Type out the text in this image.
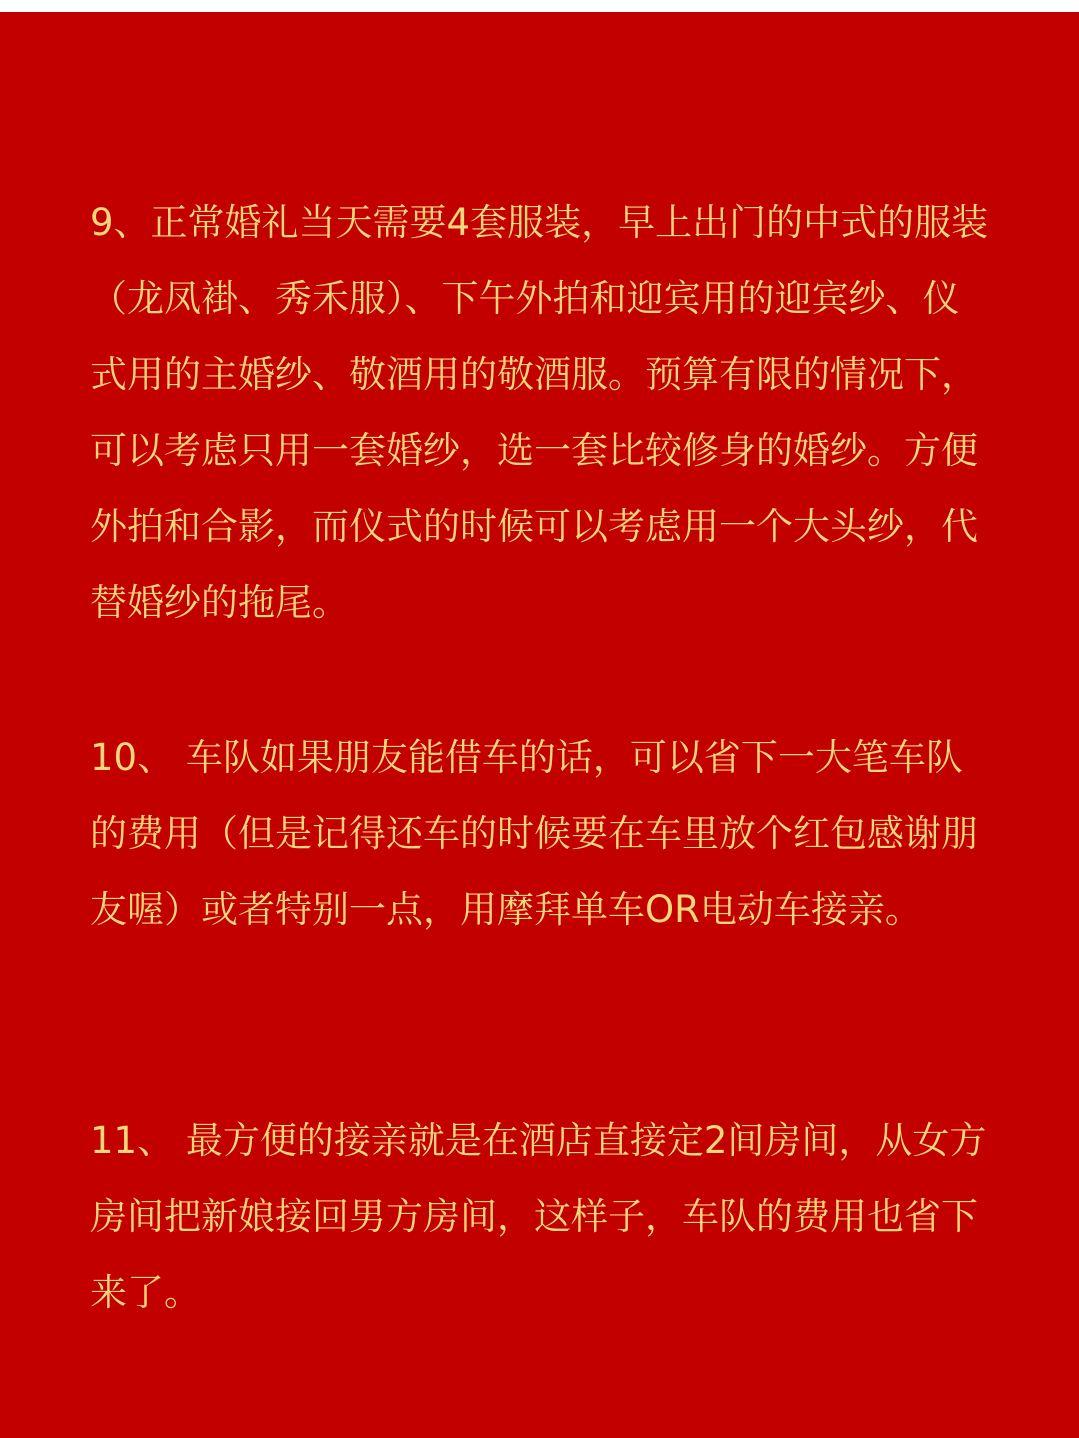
9、正常婚礼当天需要4套服装，早上出门的中式的服装（龙凤褂、秀禾服）、下午外拍和迎宾用的迎宾纱、仪式用的主婚纱、敬酒用的敬酒服。预算有限的情况下，可以考虑只用一套婚纱，选一套比较修身的婚纱。方便外拍和合影，而仪式的时候可以考虑用一个大头纱，代替婚纱的拖尾。

10、 车队如果朋友能借车的话，可以省下一大笔车队的费用（但是记得还车的时候要在车里放个红包感谢朋友喔）或者特别一点，用摩拜单车OR电动车接亲。

11、 最方便的接亲就是在酒店直接定2间房间，从女方房间把新娘接回男方房间，这样子，车队的费用也省下来了。
